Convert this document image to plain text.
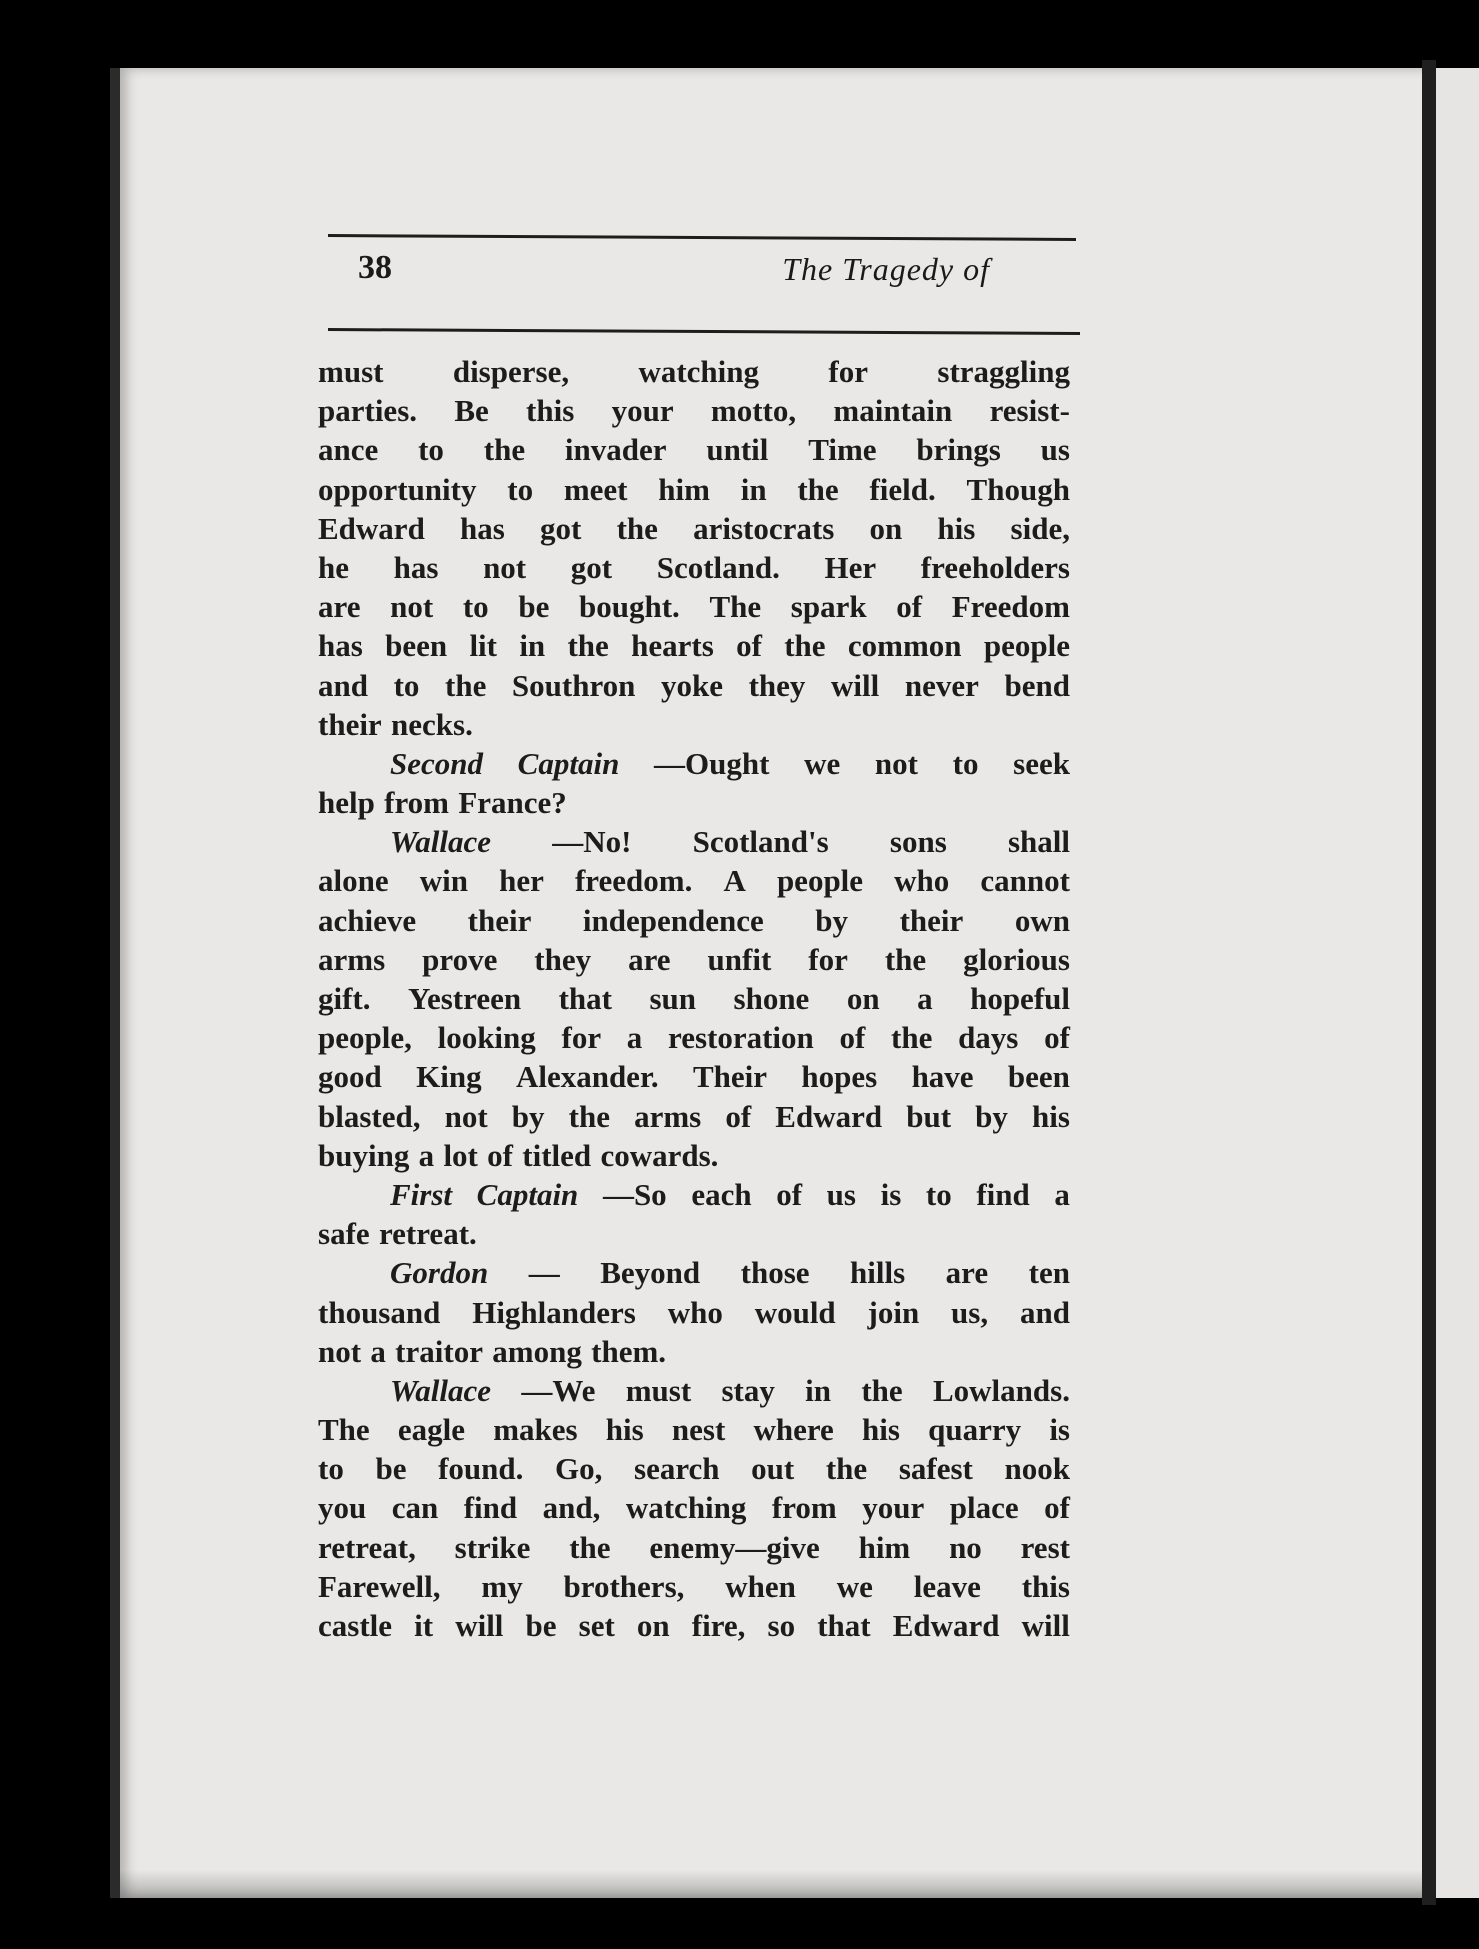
38	The Tragedy of
must disperse, watching for straggling
parties. Be this your motto, maintain resist-
ance to the invader until Time brings us
opportunity to meet him in the field. Though
Edward has got the aristocrats on his side,
he has not got Scotland. Her freeholders
are not to be bought. The spark of Freedom
has been lit in the hearts of the common people
and to the Southron yoke they will never bend
their necks.
Second Captain —Ought we not to seek
help from France?
Wallace —No! Scotland's sons shall
alone win her freedom. A people who cannot
achieve their independence by their own
arms prove they are unfit for the glorious
gift. Yestreen that sun shone on a hopeful
people, looking for a restoration of the days of
good King Alexander. Their hopes have been
blasted, not by the arms of Edward but by his
buying a lot of titled cowards.
First Captain —So each of us is to find a
safe retreat.
Gordon — Beyond those hills are ten
thousand Highlanders who would join us, and
not a traitor among them.
Wallace —We must stay in the Lowlands.
The eagle makes his nest where his quarry is
to be found. Go, search out the safest nook
you can find and, watching from your place of
retreat, strike the enemy—give him no rest
Farewell, my brothers, when we leave this
castle it will be set on fire, so that Edward will
